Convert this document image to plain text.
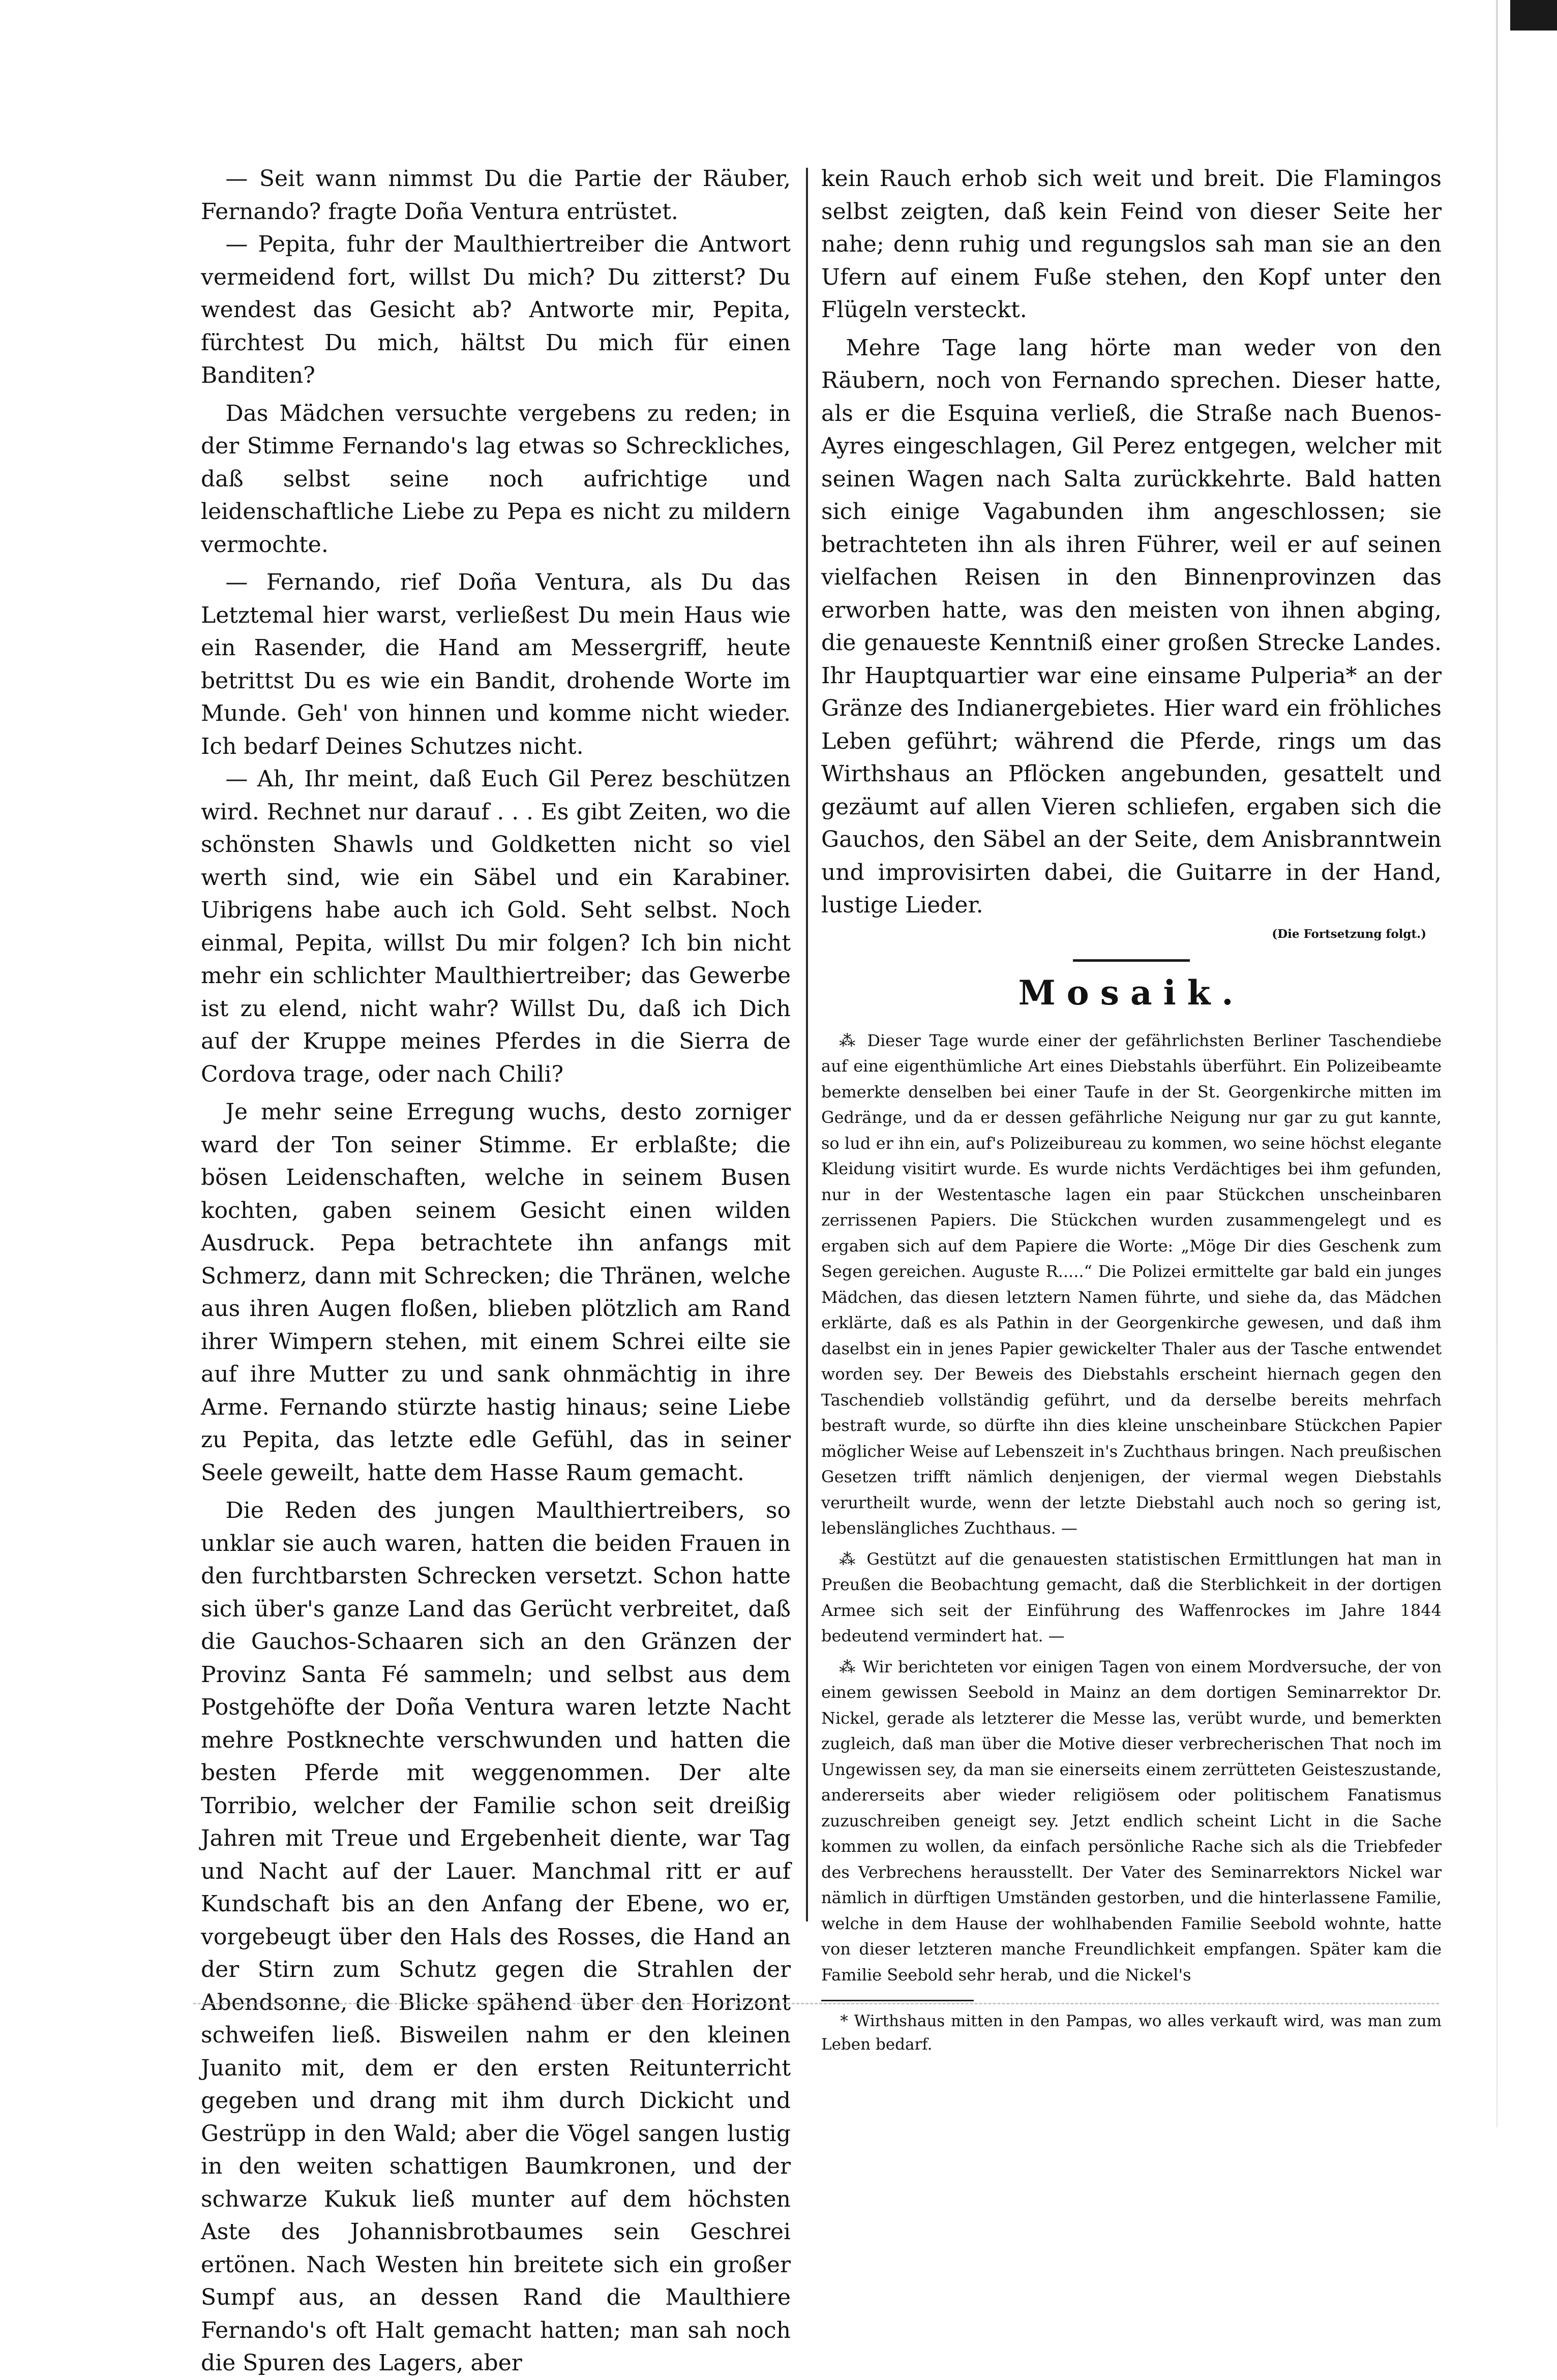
— Seit wann nimmst Du die Partie der Räuber, Fernando? fragte Doña Ventura entrüstet.

— Pepita, fuhr der Maulthiertreiber die Antwort vermeidend fort, willst Du mich? Du zitterst? Du wendest das Gesicht ab? Antworte mir, Pepita, fürchtest Du mich, hältst Du mich für einen Banditen?

Das Mädchen versuchte vergebens zu reden; in der Stimme Fernando's lag etwas so Schreckliches, daß selbst seine noch aufrichtige und leidenschaftliche Liebe zu Pepa es nicht zu mildern vermochte.

— Fernando, rief Doña Ventura, als Du das Letztemal hier warst, verließest Du mein Haus wie ein Rasender, die Hand am Messergriff, heute betrittst Du es wie ein Bandit, drohende Worte im Munde. Geh' von hinnen und komme nicht wieder. Ich bedarf Deines Schutzes nicht.

— Ah, Ihr meint, daß Euch Gil Perez beschützen wird. Rechnet nur darauf . . . Es gibt Zeiten, wo die schönsten Shawls und Goldketten nicht so viel werth sind, wie ein Säbel und ein Karabiner. Uibrigens habe auch ich Gold. Seht selbst. Noch einmal, Pepita, willst Du mir folgen? Ich bin nicht mehr ein schlichter Maulthiertreiber; das Gewerbe ist zu elend, nicht wahr? Willst Du, daß ich Dich auf der Kruppe meines Pferdes in die Sierra de Cordova trage, oder nach Chili?

Je mehr seine Erregung wuchs, desto zorniger ward der Ton seiner Stimme. Er erblaßte; die bösen Leidenschaften, welche in seinem Busen kochten, gaben seinem Gesicht einen wilden Ausdruck. Pepa betrachtete ihn anfangs mit Schmerz, dann mit Schrecken; die Thränen, welche aus ihren Augen floßen, blieben plötzlich am Rand ihrer Wimpern stehen, mit einem Schrei eilte sie auf ihre Mutter zu und sank ohnmächtig in ihre Arme. Fernando stürzte hastig hinaus; seine Liebe zu Pepita, das letzte edle Gefühl, das in seiner Seele geweilt, hatte dem Hasse Raum gemacht.

Die Reden des jungen Maulthiertreibers, so unklar sie auch waren, hatten die beiden Frauen in den furchtbarsten Schrecken versetzt. Schon hatte sich über's ganze Land das Gerücht verbreitet, daß die Gauchos-Schaaren sich an den Gränzen der Provinz Santa Fé sammeln; und selbst aus dem Postgehöfte der Doña Ventura waren letzte Nacht mehre Postknechte verschwunden und hatten die besten Pferde mit weggenommen. Der alte Torribio, welcher der Familie schon seit dreißig Jahren mit Treue und Ergebenheit diente, war Tag und Nacht auf der Lauer. Manchmal ritt er auf Kundschaft bis an den Anfang der Ebene, wo er, vorgebeugt über den Hals des Rosses, die Hand an der Stirn zum Schutz gegen die Strahlen der Abendsonne, die Blicke spähend über den Horizont schweifen ließ. Bisweilen nahm er den kleinen Juanito mit, dem er den ersten Reitunterricht gegeben und drang mit ihm durch Dickicht und Gestrüpp in den Wald; aber die Vögel sangen lustig in den weiten schattigen Baumkronen, und der schwarze Kukuk ließ munter auf dem höchsten Aste des Johannisbrotbaumes sein Geschrei ertönen. Nach Westen hin breitete sich ein großer Sumpf aus, an dessen Rand die Maulthiere Fernando's oft Halt gemacht hatten; man sah noch die Spuren des Lagers, aber

kein Rauch erhob sich weit und breit. Die Flamingos selbst zeigten, daß kein Feind von dieser Seite her nahe; denn ruhig und regungslos sah man sie an den Ufern auf einem Fuße stehen, den Kopf unter den Flügeln versteckt.

Mehre Tage lang hörte man weder von den Räubern, noch von Fernando sprechen. Dieser hatte, als er die Esquina verließ, die Straße nach Buenos-Ayres eingeschlagen, Gil Perez entgegen, welcher mit seinen Wagen nach Salta zurückkehrte. Bald hatten sich einige Vagabunden ihm angeschlossen; sie betrachteten ihn als ihren Führer, weil er auf seinen vielfachen Reisen in den Binnenprovinzen das erworben hatte, was den meisten von ihnen abging, die genaueste Kenntniß einer großen Strecke Landes. Ihr Hauptquartier war eine einsame Pulperia* an der Gränze des Indianergebietes. Hier ward ein fröhliches Leben geführt; während die Pferde, rings um das Wirthshaus an Pflöcken angebunden, gesattelt und gezäumt auf allen Vieren schliefen, ergaben sich die Gauchos, den Säbel an der Seite, dem Anisbranntwein und improvisirten dabei, die Guitarre in der Hand, lustige Lieder.

(Die Fortsetzung folgt.)
Mosaik.

⁂ Dieser Tage wurde einer der gefährlichsten Berliner Taschendiebe auf eine eigenthümliche Art eines Diebstahls überführt. Ein Polizeibeamte bemerkte denselben bei einer Taufe in der St. Georgenkirche mitten im Gedränge, und da er dessen gefährliche Neigung nur gar zu gut kannte, so lud er ihn ein, auf's Polizeibureau zu kommen, wo seine höchst elegante Kleidung visitirt wurde. Es wurde nichts Verdächtiges bei ihm gefunden, nur in der Westentasche lagen ein paar Stückchen unscheinbaren zerrissenen Papiers. Die Stückchen wurden zusammengelegt und es ergaben sich auf dem Papiere die Worte: „Möge Dir dies Geschenk zum Segen gereichen. Auguste R.....“ Die Polizei ermittelte gar bald ein junges Mädchen, das diesen letztern Namen führte, und siehe da, das Mädchen erklärte, daß es als Pathin in der Georgenkirche gewesen, und daß ihm daselbst ein in jenes Papier gewickelter Thaler aus der Tasche entwendet worden sey. Der Beweis des Diebstahls erscheint hiernach gegen den Taschendieb vollständig geführt, und da derselbe bereits mehrfach bestraft wurde, so dürfte ihn dies kleine unscheinbare Stückchen Papier möglicher Weise auf Lebenszeit in's Zuchthaus bringen. Nach preußischen Gesetzen trifft nämlich denjenigen, der viermal wegen Diebstahls verurtheilt wurde, wenn der letzte Diebstahl auch noch so gering ist, lebenslängliches Zuchthaus. —

⁂ Gestützt auf die genauesten statistischen Ermittlungen hat man in Preußen die Beobachtung gemacht, daß die Sterblichkeit in der dortigen Armee sich seit der Einführung des Waffenrockes im Jahre 1844 bedeutend vermindert hat. —

⁂ Wir berichteten vor einigen Tagen von einem Mordversuche, der von einem gewissen Seebold in Mainz an dem dortigen Seminarrektor Dr. Nickel, gerade als letzterer die Messe las, verübt wurde, und bemerkten zugleich, daß man über die Motive dieser verbrecherischen That noch im Ungewissen sey, da man sie einerseits einem zerrütteten Geisteszustande, andererseits aber wieder religiösem oder politischem Fanatismus zuzuschreiben geneigt sey. Jetzt endlich scheint Licht in die Sache kommen zu wollen, da einfach persönliche Rache sich als die Triebfeder des Verbrechens herausstellt. Der Vater des Seminarrektors Nickel war nämlich in dürftigen Umständen gestorben, und die hinterlassene Familie, welche in dem Hause der wohlhabenden Familie Seebold wohnte, hatte von dieser letzteren manche Freundlichkeit empfangen. Später kam die Familie Seebold sehr herab, und die Nickel's

* Wirthshaus mitten in den Pampas, wo alles verkauft wird, was man zum Leben bedarf.
